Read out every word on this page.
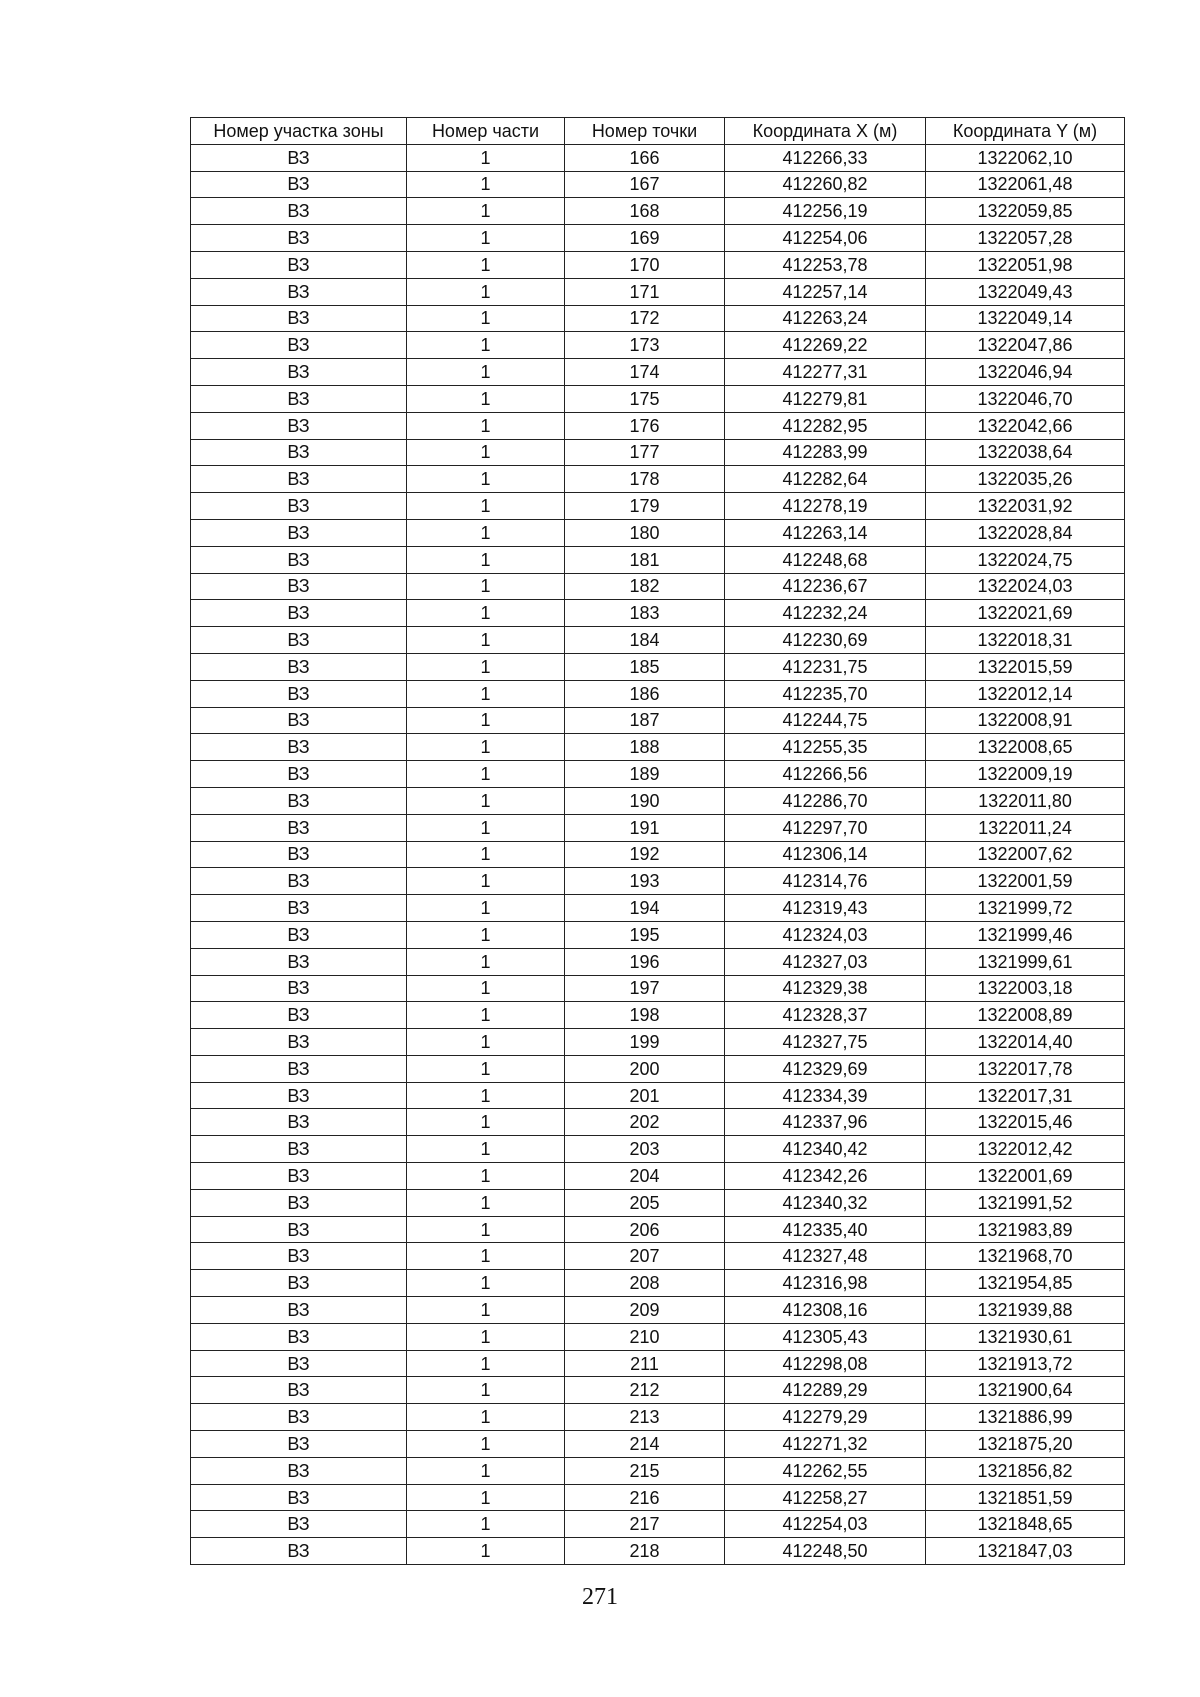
Номер участка зоны	Номер части	Номер точки	Координата X (м)	Координата Y (м)
ВЗ	1	166	412266,33	1322062,10
ВЗ	1	167	412260,82	1322061,48
ВЗ	1	168	412256,19	1322059,85
ВЗ	1	169	412254,06	1322057,28
ВЗ	1	170	412253,78	1322051,98
ВЗ	1	171	412257,14	1322049,43
ВЗ	1	172	412263,24	1322049,14
ВЗ	1	173	412269,22	1322047,86
ВЗ	1	174	412277,31	1322046,94
ВЗ	1	175	412279,81	1322046,70
ВЗ	1	176	412282,95	1322042,66
ВЗ	1	177	412283,99	1322038,64
ВЗ	1	178	412282,64	1322035,26
ВЗ	1	179	412278,19	1322031,92
ВЗ	1	180	412263,14	1322028,84
ВЗ	1	181	412248,68	1322024,75
ВЗ	1	182	412236,67	1322024,03
ВЗ	1	183	412232,24	1322021,69
ВЗ	1	184	412230,69	1322018,31
ВЗ	1	185	412231,75	1322015,59
ВЗ	1	186	412235,70	1322012,14
ВЗ	1	187	412244,75	1322008,91
ВЗ	1	188	412255,35	1322008,65
ВЗ	1	189	412266,56	1322009,19
ВЗ	1	190	412286,70	1322011,80
ВЗ	1	191	412297,70	1322011,24
ВЗ	1	192	412306,14	1322007,62
ВЗ	1	193	412314,76	1322001,59
ВЗ	1	194	412319,43	1321999,72
ВЗ	1	195	412324,03	1321999,46
ВЗ	1	196	412327,03	1321999,61
ВЗ	1	197	412329,38	1322003,18
ВЗ	1	198	412328,37	1322008,89
ВЗ	1	199	412327,75	1322014,40
ВЗ	1	200	412329,69	1322017,78
ВЗ	1	201	412334,39	1322017,31
ВЗ	1	202	412337,96	1322015,46
ВЗ	1	203	412340,42	1322012,42
ВЗ	1	204	412342,26	1322001,69
ВЗ	1	205	412340,32	1321991,52
ВЗ	1	206	412335,40	1321983,89
ВЗ	1	207	412327,48	1321968,70
ВЗ	1	208	412316,98	1321954,85
ВЗ	1	209	412308,16	1321939,88
ВЗ	1	210	412305,43	1321930,61
ВЗ	1	211	412298,08	1321913,72
ВЗ	1	212	412289,29	1321900,64
ВЗ	1	213	412279,29	1321886,99
ВЗ	1	214	412271,32	1321875,20
ВЗ	1	215	412262,55	1321856,82
ВЗ	1	216	412258,27	1321851,59
ВЗ	1	217	412254,03	1321848,65
ВЗ	1	218	412248,50	1321847,03
271
